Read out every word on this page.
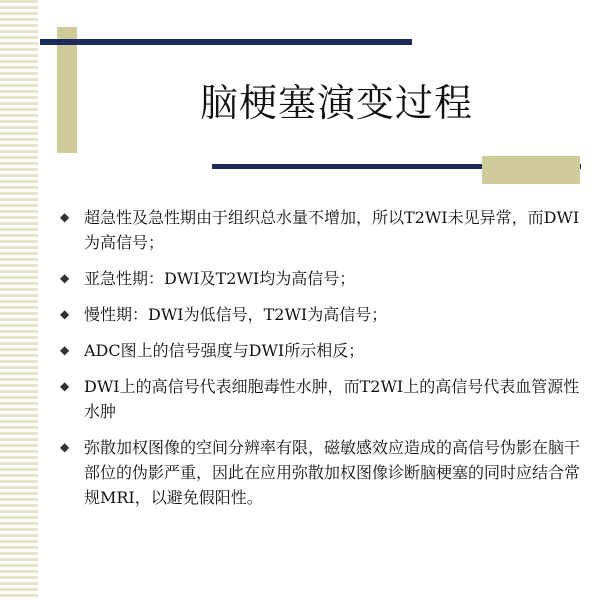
脑梗塞演变过程
◆ 超急性及急性期由于组织总水量不增加，所以T2WI未见异常，而DWI为高信号；
◆ 亚急性期：DWI及T2WI均为高信号；
◆ 慢性期：DWI为低信号，T2WI为高信号；
◆ ADC图上的信号强度与DWI所示相反；
◆ DWI上的高信号代表细胞毒性水肿，而T2WI上的高信号代表血管源性水肿
◆ 弥散加权图像的空间分辨率有限，磁敏感效应造成的高信号伪影在脑干部位的伪影严重，因此在应用弥散加权图像诊断脑梗塞的同时应结合常规MRI，以避免假阳性。
